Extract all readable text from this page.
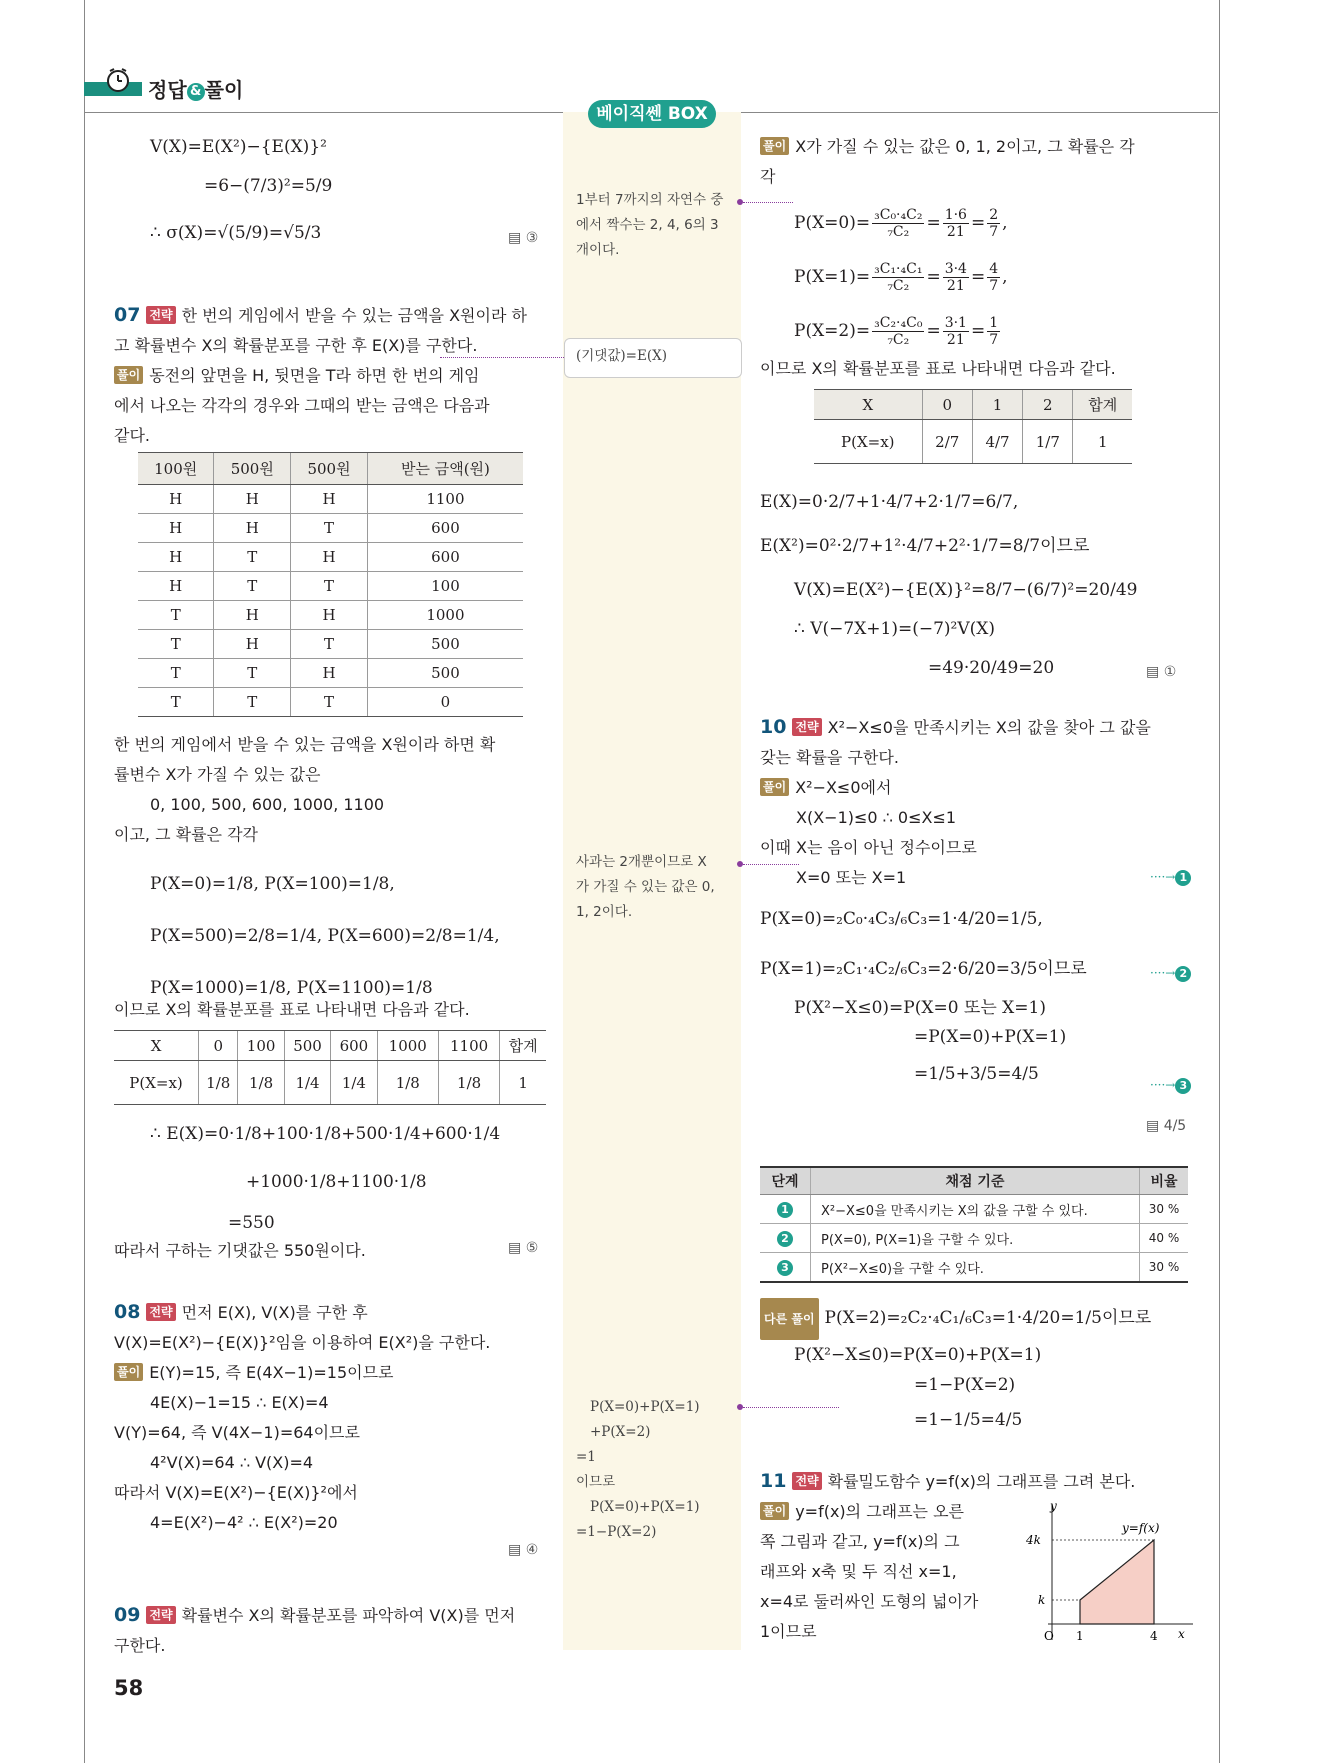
정답 & 풀이
베이직쎈 BOX
1부터 7까지의 자연수 중
에서 짝수는 2, 4, 6의 3
개이다.
(기댓값)=E(X)
사과는 2개뿐이므로 X
가 가질 수 있는 값은 0,
1, 2이다.
P(X=0)+P(X=1)
+P(X=2)
=1
이므로
P(X=0)+P(X=1)
=1−P(X=2)

V(X)=E(X²)−{E(X)}²

=6−(7/3)²=5/9

∴ σ(X)=√(5/9)=√5/3	▤ ③

07 전략 한 번의 게임에서 받을 수 있는 금액을 X원이라 하

고 확률변수 X의 확률분포를 구한 후 E(X)를 구한다.

풀이 동전의 앞면을 H, 뒷면을 T라 하면 한 번의 게임

에서 나오는 각각의 경우와 그때의 받는 금액은 다음과

같다.

100원	500원	500원	받는 금액(원)
H	H	H	1100
H	H	T	600
H	T	H	600
H	T	T	100
T	H	H	1000
T	H	T	500
T	T	H	500
T	T	T	0

한 번의 게임에서 받을 수 있는 금액을 X원이라 하면 확

률변수 X가 가질 수 있는 값은

0, 100, 500, 600, 1000, 1100

이고, 그 확률은 각각

P(X=0)=1/8, P(X=100)=1/8,

P(X=500)=2/8=1/4, P(X=600)=2/8=1/4,

P(X=1000)=1/8, P(X=1100)=1/8

이므로 X의 확률분포를 표로 나타내면 다음과 같다.
X	0	100	500	600	1000	1100	합계
P(X=x)	1/8	1/8	1/4	1/4	1/8	1/8	1

∴ E(X)=0·1/8+100·1/8+500·1/4+600·1/4

+1000·1/8+1100·1/8

=550

따라서 구하는 기댓값은 550원이다.	▤ ⑤

08 전략 먼저 E(X), V(X)를 구한 후

V(X)=E(X²)−{E(X)}²임을 이용하여 E(X²)을 구한다.

풀이 E(Y)=15, 즉 E(4X−1)=15이므로

4E(X)−1=15 ∴ E(X)=4

V(Y)=64, 즉 V(4X−1)=64이므로

4²V(X)=64 ∴ V(X)=4

따라서 V(X)=E(X²)−{E(X)}²에서

4=E(X²)−4² ∴ E(X²)=20

▤ ④

09 전략 확률변수 X의 확률분포를 파악하여 V(X)를 먼저

구한다.

58

풀이 X가 가질 수 있는 값은 0, 1, 2이고, 그 확률은 각

각

$P(X=0)= \frac{\text{₃C₀·₄C₂}}{\text{₇C₂}} = \frac{1\cdot 6}{21} = \frac{2}{7}$ ,

$P(X=1)= \frac{\text{₃C₁·₄C₁}}{\text{₇C₂}} = \frac{3\cdot 4}{21} = \frac{4}{7}$ ,

$P(X=2)= \frac{\text{₃C₂·₄C₀}}{\text{₇C₂}} = \frac{3\cdot 1}{21} = \frac{1}{7}$

이므로 X의 확률분포를 표로 나타내면 다음과 같다.
X	0	1	2	합계
P(X=x)	2/7	4/7	1/7	1

E(X)=0·2/7+1·4/7+2·1/7=6/7,

E(X²)=0²·2/7+1²·4/7+2²·1/7=8/7이므로

V(X)=E(X²)−{E(X)}²=8/7−(6/7)²=20/49

∴ V(−7X+1)=(−7)²V(X)

=49·20/49=20	▤ ①

10 전략 X²−X≤0을 만족시키는 X의 값을 찾아 그 값을

갖는 확률을 구한다.

풀이 X²−X≤0에서

X(X−1)≤0 ∴ 0≤X≤1

이때 X는 음이 아닌 정수이므로

X=0 또는 X=1

P(X=0)=₂C₀·₄C₃/₆C₃=1·4/20=1/5,

P(X=1)=₂C₁·₄C₂/₆C₃=2·6/20=3/5이므로

P(X²−X≤0)=P(X=0 또는 X=1)

=P(X=0)+P(X=1)

=1/5+3/5=4/5

····→ 1
····→ 2
····→ 3
▤ 4/5
단계	채점 기준	비율
1	X²−X≤0을 만족시키는 X의 값을 구할 수 있다.	30 %
2	P(X=0), P(X=1)을 구할 수 있다.	40 %
3	P(X²−X≤0)을 구할 수 있다.	30 %

다른 풀이 P(X=2)=₂C₂·₄C₁/₆C₃=1·4/20=1/5이므로

P(X²−X≤0)=P(X=0)+P(X=1)

=1−P(X=2)

=1−1/5=4/5

11 전략 확률밀도함수 y=f(x)의 그래프를 그려 본다.

풀이 y=f(x)의 그래프는 오른

쪽 그림과 같고, y=f(x)의 그

래프와 x축 및 두 직선 x=1,

x=4로 둘러싸인 도형의 넓이가

1이므로

y
x
O
4k
k
1	4
y=f(x)
